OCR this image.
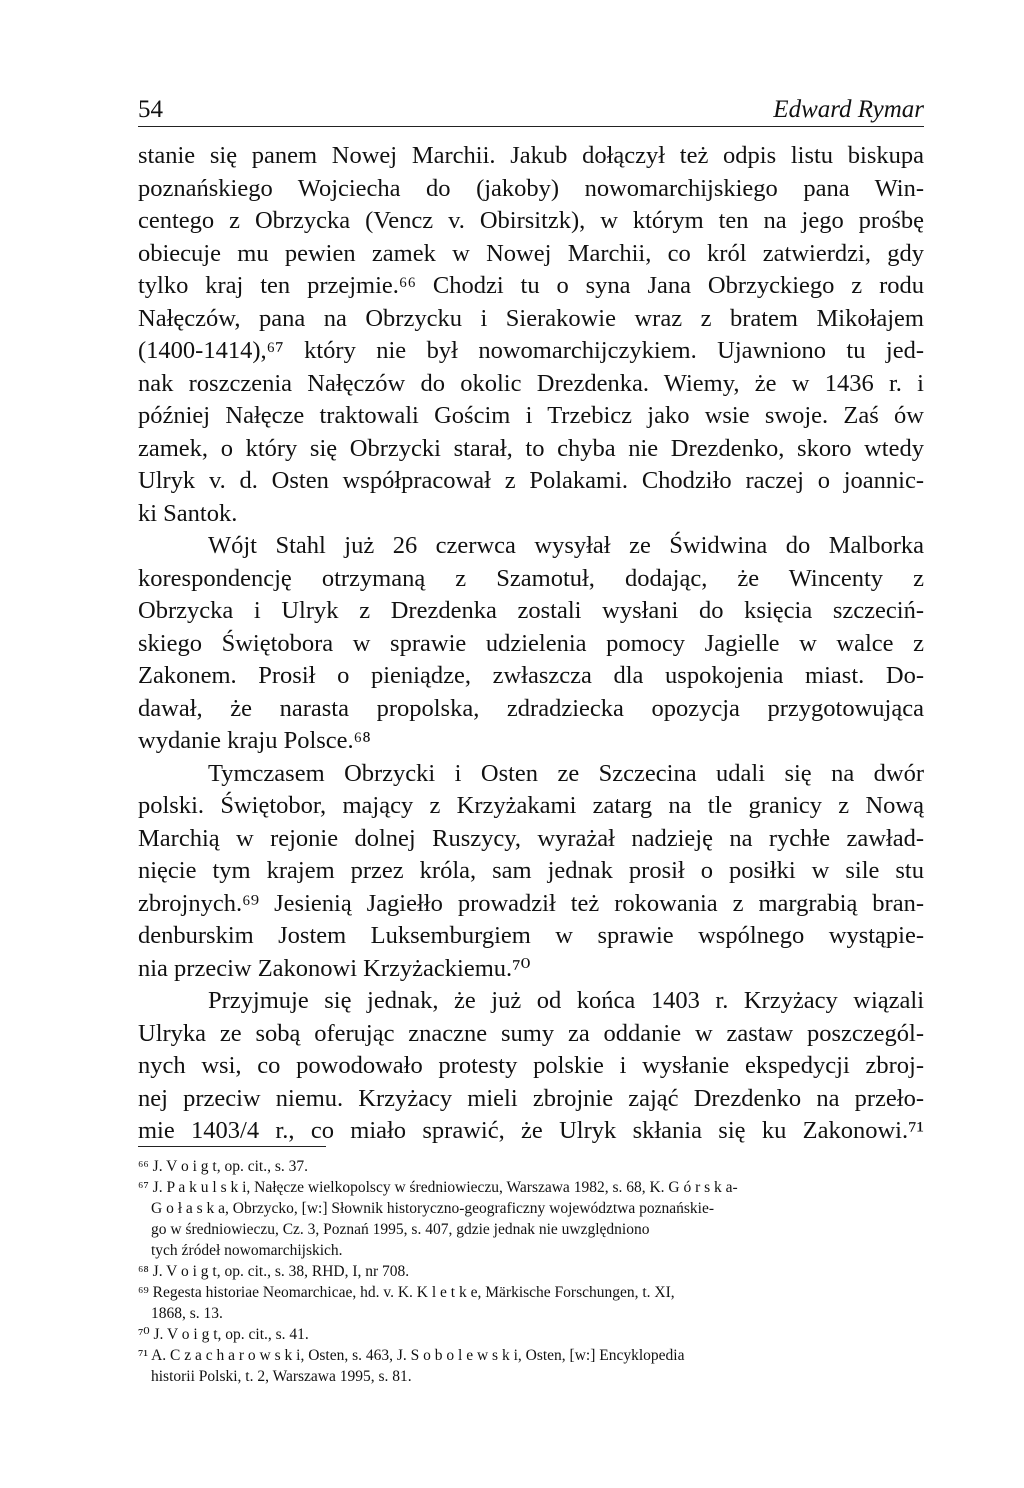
54	Edward Rymar
stanie się panem Nowej Marchii. Jakub dołączył też odpis listu biskupa
poznańskiego Wojciecha do (jakoby) nowomarchijskiego pana Win-
centego z Obrzycka (Vencz v. Obirsitzk), w którym ten na jego prośbę
obiecuje mu pewien zamek w Nowej Marchii, co król zatwierdzi, gdy
tylko kraj ten przejmie.⁶⁶ Chodzi tu o syna Jana Obrzyckiego z rodu
Nałęczów, pana na Obrzycku i Sierakowie wraz z bratem Mikołajem
(1400-1414),⁶⁷ który nie był nowomarchijczykiem. Ujawniono tu jed-
nak roszczenia Nałęczów do okolic Drezdenka. Wiemy, że w 1436 r. i
później Nałęcze traktowali Gościm i Trzebicz jako wsie swoje. Zaś ów
zamek, o który się Obrzycki starał, to chyba nie Drezdenko, skoro wtedy
Ulryk v. d. Osten współpracował z Polakami. Chodziło raczej o joannic-
ki Santok.
Wójt Stahl już 26 czerwca wysyłał ze Świdwina do Malborka
korespondencję otrzymaną z Szamotuł, dodając, że Wincenty z
Obrzycka i Ulryk z Drezdenka zostali wysłani do księcia szczeciń-
skiego Świętobora w sprawie udzielenia pomocy Jagielle w walce z
Zakonem. Prosił o pieniądze, zwłaszcza dla uspokojenia miast. Do-
dawał, że narasta propolska, zdradziecka opozycja przygotowująca
wydanie kraju Polsce.⁶⁸
Tymczasem Obrzycki i Osten ze Szczecina udali się na dwór
polski. Świętobor, mający z Krzyżakami zatarg na tle granicy z Nową
Marchią w rejonie dolnej Ruszycy, wyrażał nadzieję na rychłe zawład-
nięcie tym krajem przez króla, sam jednak prosił o posiłki w sile stu
zbrojnych.⁶⁹ Jesienią Jagiełło prowadził też rokowania z margrabią bran-
denburskim Jostem Luksemburgiem w sprawie wspólnego wystąpie-
nia przeciw Zakonowi Krzyżackiemu.⁷⁰
Przyjmuje się jednak, że już od końca 1403 r. Krzyżacy wiązali
Ulryka ze sobą oferując znaczne sumy za oddanie w zastaw poszczegól-
nych wsi, co powodowało protesty polskie i wysłanie ekspedycji zbroj-
nej przeciw niemu. Krzyżacy mieli zbrojnie zająć Drezdenko na przeło-
mie 1403/4 r., co miało sprawić, że Ulryk skłania się ku Zakonowi.⁷¹
⁶⁶ J. V o i g t, op. cit., s. 37.
⁶⁷ J. P a k u l s k i, Nałęcze wielkopolscy w średniowieczu, Warszawa 1982, s. 68, K. G ó r s k a-
G o ł a s k a, Obrzycko, [w:] Słownik historyczno-geograficzny województwa poznańskie-
go w średniowieczu, Cz. 3, Poznań 1995, s. 407, gdzie jednak nie uwzględniono
tych źródeł nowomarchijskich.
⁶⁸ J. V o i g t, op. cit., s. 38, RHD, I, nr 708.
⁶⁹ Regesta historiae Neomarchicae, hd. v. K. K l e t k e, Märkische Forschungen, t. XI,
1868, s. 13.
⁷⁰ J. V o i g t, op. cit., s. 41.
⁷¹ A. C z a c h a r o w s k i, Osten, s. 463, J. S o b o l e w s k i, Osten, [w:] Encyklopedia
historii Polski, t. 2, Warszawa 1995, s. 81.
